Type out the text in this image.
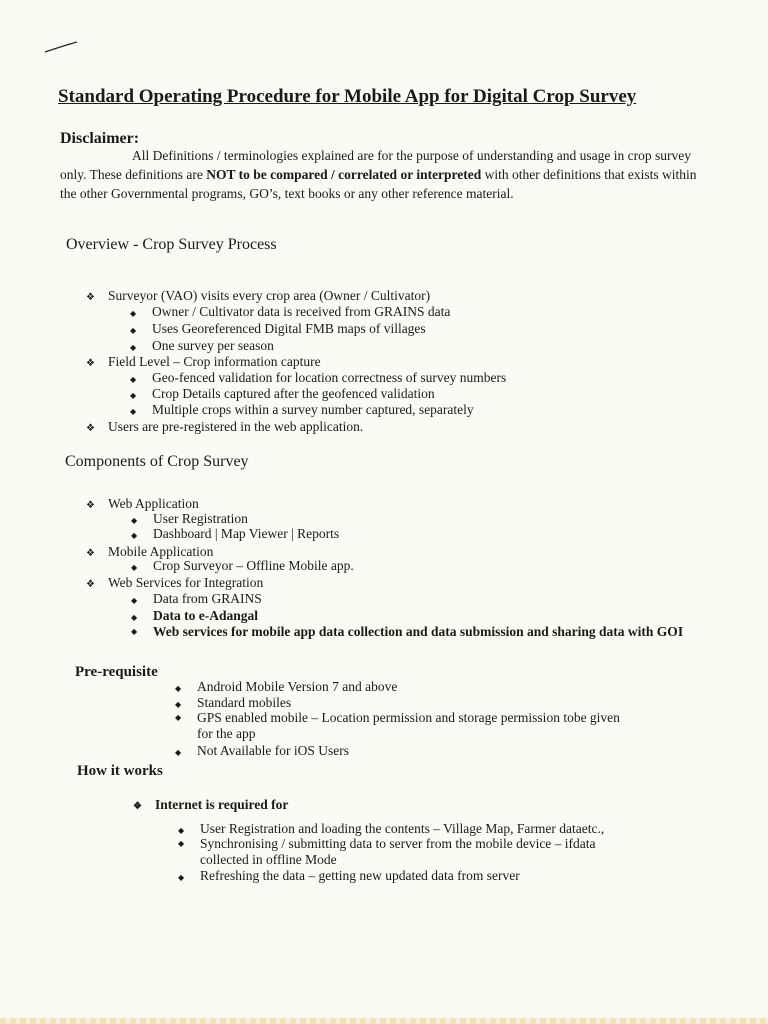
Standard Operating Procedure for Mobile App for Digital Crop Survey
Disclaimer:
All Definitions / terminologies explained are for the purpose of understanding and usage in crop survey only. These definitions are NOT to be compared / correlated or interpreted with other definitions that exists within the other Governmental programs, GO’s, text books or any other reference material.
Overview - Crop Survey Process
❖ Surveyor (VAO) visits every crop area (Owner / Cultivator)
◆ Owner / Cultivator data is received from GRAINS data
◆ Uses Georeferenced Digital FMB maps of villages
◆ One survey per season
❖ Field Level – Crop information capture
◆ Geo-fenced validation for location correctness of survey numbers
◆ Crop Details captured after the geofenced validation
◆ Multiple crops within a survey number captured, separately
❖ Users are pre-registered in the web application.
Components of Crop Survey
❖ Web Application
◆ User Registration
◆ Dashboard | Map Viewer | Reports
❖ Mobile Application
◆ Crop Surveyor – Offline Mobile app.
❖ Web Services for Integration
◆ Data from GRAINS
◆ Data to e-Adangal
◆	Web services for mobile app data collection and data submission and sharing data with GOI
Pre-requisite
◆ Android Mobile Version 7 and above
◆ Standard mobiles
◆	GPS enabled mobile – Location permission and storage permission tobe given for the app
◆ Not Available for iOS Users
How it works
❖ Internet is required for
◆ User Registration and loading the contents – Village Map, Farmer dataetc.,
◆	Synchronising / submitting data to server from the mobile device – ifdata collected in offline Mode
◆ Refreshing the data – getting new updated data from server
